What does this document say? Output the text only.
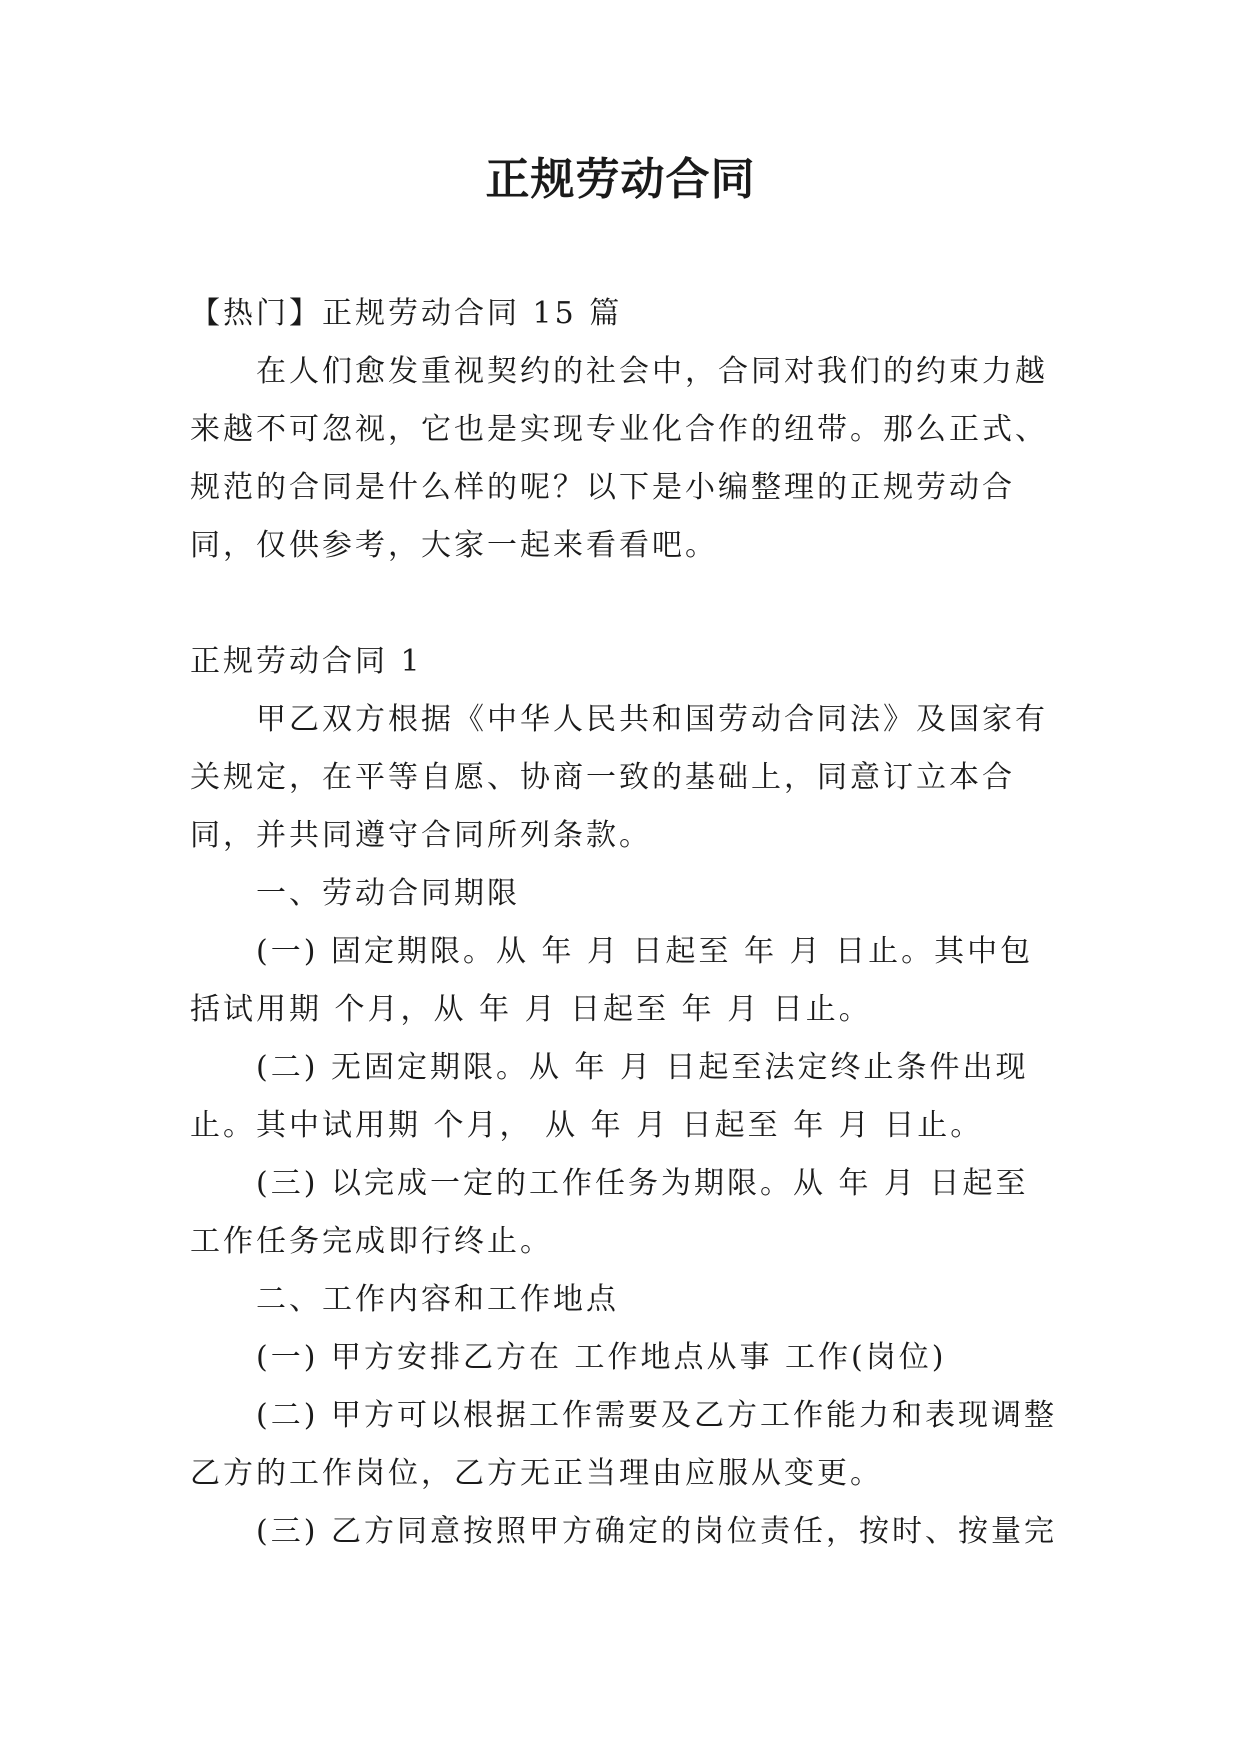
正规劳动合同

【热门】正规劳动合同 15 篇

在人们愈发重视契约的社会中，合同对我们的约束力越来越不可忽视，它也是实现专业化合作的纽带。那么正式、规范的合同是什么样的呢？以下是小编整理的正规劳动合同，仅供参考，大家一起来看看吧。

正规劳动合同 1

甲乙双方根据《中华人民共和国劳动合同法》及国家有关规定，在平等自愿、协商一致的基础上，同意订立本合同，并共同遵守合同所列条款。

一、劳动合同期限

(一) 固定期限。从 年 月 日起至 年 月 日止。其中包括试用期 个月，从 年 月 日起至 年 月 日止。

(二) 无固定期限。从 年 月 日起至法定终止条件出现止。其中试用期 个月， 从 年 月 日起至 年 月 日止。

(三) 以完成一定的工作任务为期限。从 年 月 日起至工作任务完成即行终止。

二、工作内容和工作地点

(一) 甲方安排乙方在 工作地点从事 工作(岗位)

(二) 甲方可以根据工作需要及乙方工作能力和表现调整乙方的工作岗位，乙方无正当理由应服从变更。

(三) 乙方同意按照甲方确定的岗位责任，按时、按量完
